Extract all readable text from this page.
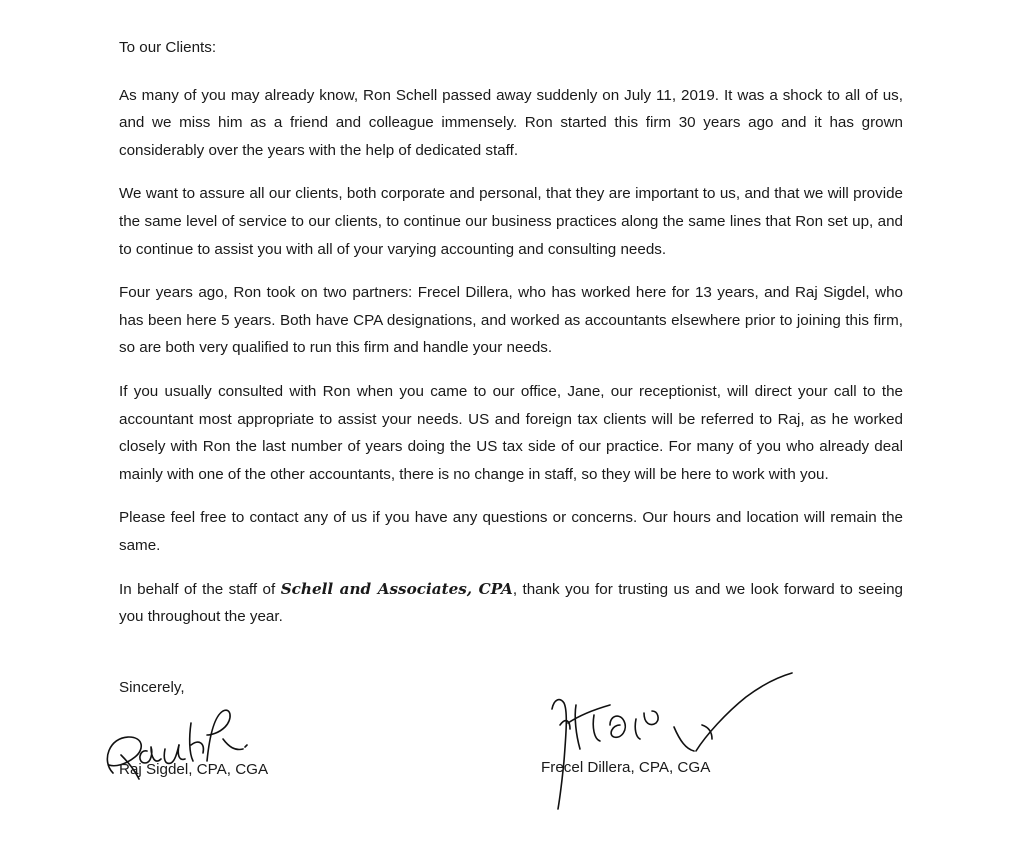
To our Clients:

As many of you may already know, Ron Schell passed away suddenly on July 11, 2019. It was a shock to all of us, and we miss him as a friend and colleague immensely. Ron started this firm 30 years ago and it has grown considerably over the years with the help of dedicated staff.

We want to assure all our clients, both corporate and personal, that they are important to us, and that we will provide the same level of service to our clients, to continue our business practices along the same lines that Ron set up, and to continue to assist you with all of your varying accounting and consulting needs.

Four years ago, Ron took on two partners: Frecel Dillera, who has worked here for 13 years, and Raj Sigdel, who has been here 5 years. Both have CPA designations, and worked as accountants elsewhere prior to joining this firm, so are both very qualified to run this firm and handle your needs.

If you usually consulted with Ron when you came to our office, Jane, our receptionist, will direct your call to the accountant most appropriate to assist your needs. US and foreign tax clients will be referred to Raj, as he worked closely with Ron the last number of years doing the US tax side of our practice. For many of you who already deal mainly with one of the other accountants, there is no change in staff, so they will be here to work with you.

Please feel free to contact any of us if you have any questions or concerns. Our hours and location will remain the same.

In behalf of the staff of Schell and Associates, CPA, thank you for trusting us and we look forward to seeing you throughout the year.

Sincerely,
Raj Sigdel, CPA, CGA	Frecel Dillera, CPA, CGA
